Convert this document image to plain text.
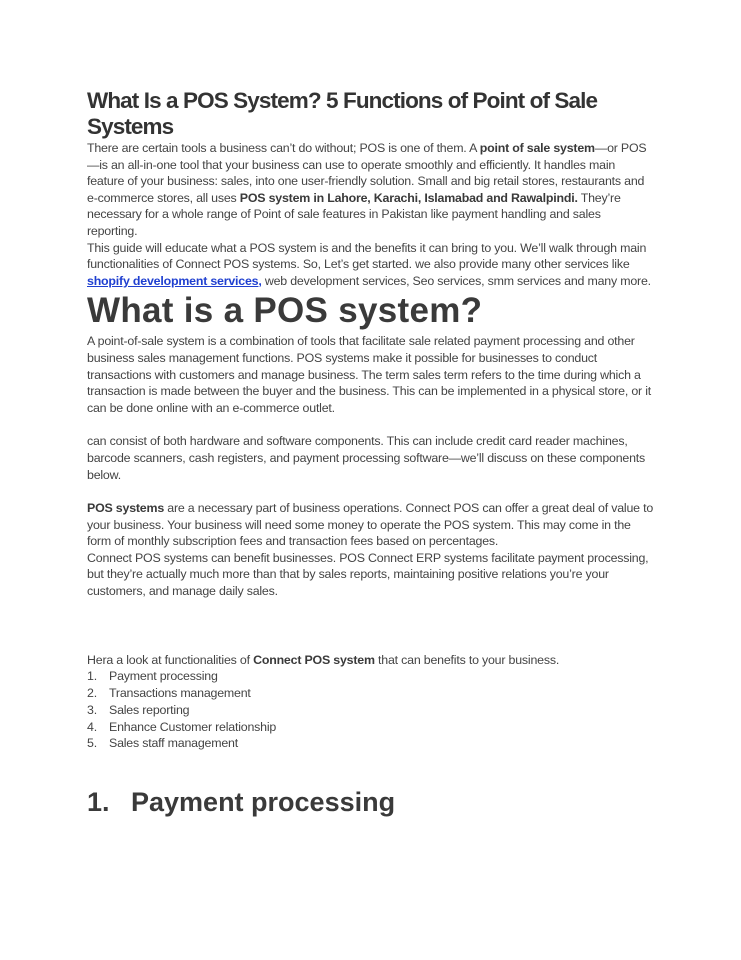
What Is a POS System? 5 Functions of Point of Sale Systems

There are certain tools a business can’t do without; POS is one of them. A point of sale system—or POS—is an all-in-one tool that your business can use to operate smoothly and efficiently. It handles main feature of your business: sales, into one user-friendly solution. Small and big retail stores, restaurants and e-commerce stores, all uses POS system in Lahore, Karachi, Islamabad and Rawalpindi. They’re necessary for a whole range of Point of sale features in Pakistan like payment handling and sales reporting.

This guide will educate what a POS system is and the benefits it can bring to you. We’ll walk through main functionalities of Connect POS systems. So, Let’s get started. we also provide many other services like shopify development services, web development services, Seo services, smm services and many more.

What is a POS system?

A point-of-sale system is a combination of tools that facilitate sale related payment processing and other business sales management functions. POS systems make it possible for businesses to conduct transactions with customers and manage business. The term sales term refers to the time during which a transaction is made between the buyer and the business. This can be implemented in a physical store, or it can be done online with an e-commerce outlet.

can consist of both hardware and software components. This can include credit card reader machines, barcode scanners, cash registers, and payment processing software—we’ll discuss on these components below.

POS systems are a necessary part of business operations. Connect POS can offer a great deal of value to your business. Your business will need some money to operate the POS system. This may come in the form of monthly subscription fees and transaction fees based on percentages.

Connect POS systems can benefit businesses. POS Connect ERP systems facilitate payment processing, but they’re actually much more than that by sales reports, maintaining positive relations you’re your customers, and manage daily sales.

Hera a look at functionalities of Connect POS system that can benefits to your business.

1. Payment processing
2. Transactions management
3. Sales reporting
4. Enhance Customer relationship
5. Sales staff management
1. Payment processing
